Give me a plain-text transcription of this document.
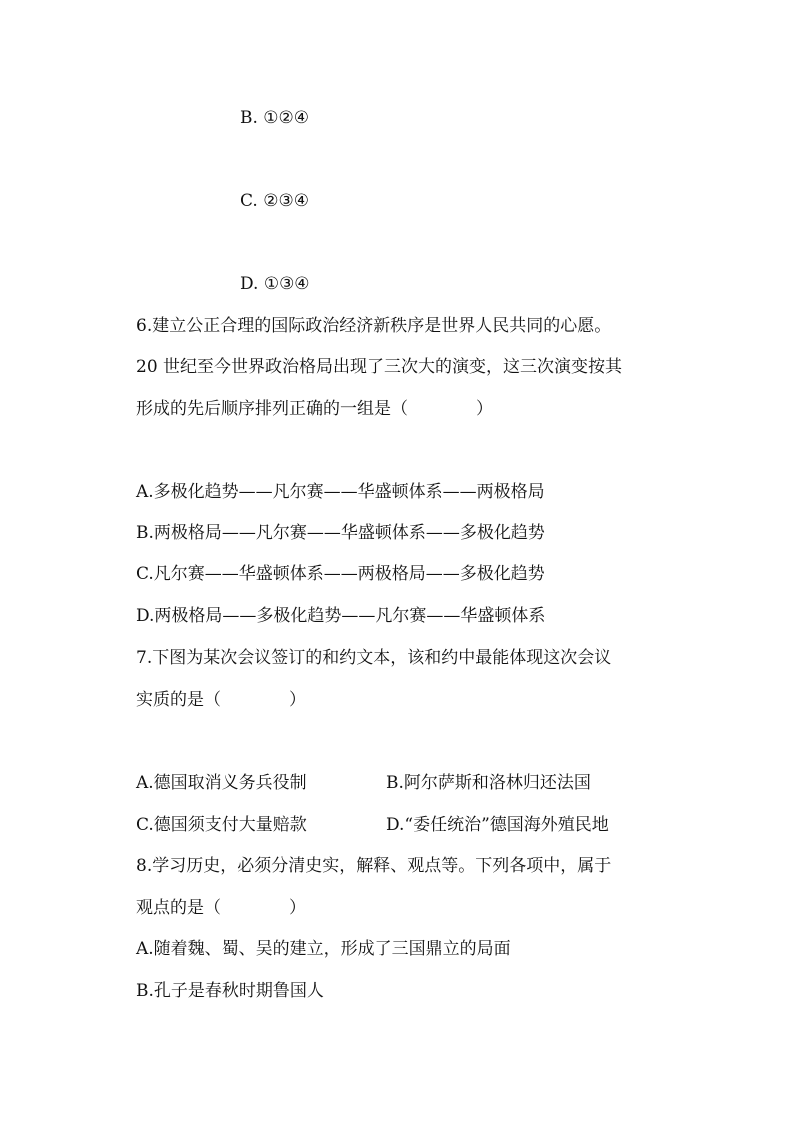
B. ①②④
C. ②③④
D. ①③④
6.建立公正合理的国际政治经济新秩序是世界人民共同的心愿。
20 世纪至今世界政治格局出现了三次大的演变，这三次演变按其
形成的先后顺序排列正确的一组是（　　　　）
A.多极化趋势——凡尔赛——华盛顿体系——两极格局
B.两极格局——凡尔赛——华盛顿体系——多极化趋势
C.凡尔赛——华盛顿体系——两极格局——多极化趋势
D.两极格局——多极化趋势——凡尔赛——华盛顿体系
7.下图为某次会议签订的和约文本，该和约中最能体现这次会议
实质的是（　　　　）
A.德国取消义务兵役制	B.阿尔萨斯和洛林归还法国
C.德国须支付大量赔款	D.“委任统治”德国海外殖民地
8.学习历史，必须分清史实，解释、观点等。下列各项中，属于
观点的是（　　　　）
A.随着魏、蜀、吴的建立，形成了三国鼎立的局面
B.孔子是春秋时期鲁国人
